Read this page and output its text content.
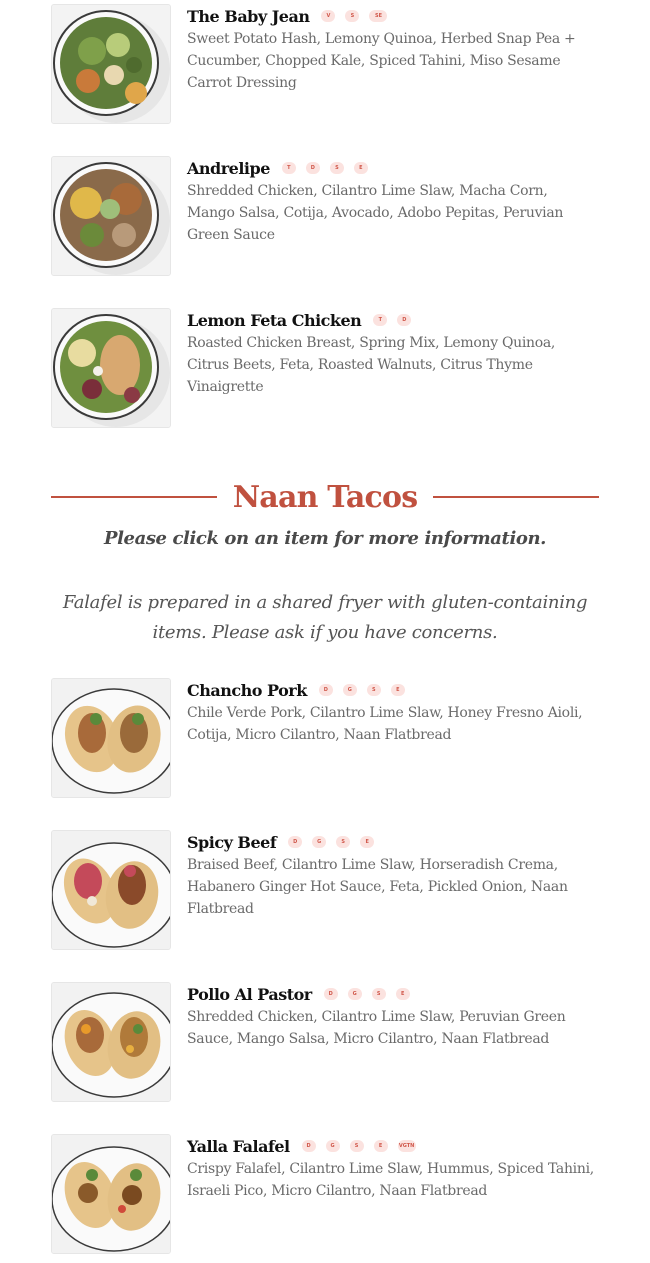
The Baby Jean	V	S	SE
Sweet Potato Hash, Lemony Quinoa, Herbed Snap Pea + Cucumber, Chopped Kale, Spiced Tahini, Miso Sesame Carrot Dressing
Andrelipe	T	D	S	E
Shredded Chicken, Cilantro Lime Slaw, Macha Corn, Mango Salsa, Cotija, Avocado, Adobo Pepitas, Peruvian Green Sauce
Lemon Feta Chicken	T	D
Roasted Chicken Breast, Spring Mix, Lemony Quinoa, Citrus Beets, Feta, Roasted Walnuts, Citrus Thyme Vinaigrette
Naan Tacos
Please click on an item for more information.
Falafel is prepared in a shared fryer with gluten-containing items. Please ask if you have concerns.
Chancho Pork	D	G	S	E
Chile Verde Pork, Cilantro Lime Slaw, Honey Fresno Aioli, Cotija, Micro Cilantro, Naan Flatbread
Spicy Beef	D	G	S	E
Braised Beef, Cilantro Lime Slaw, Horseradish Crema, Habanero Ginger Hot Sauce, Feta, Pickled Onion, Naan Flatbread
Pollo Al Pastor	D	G	S	E
Shredded Chicken, Cilantro Lime Slaw, Peruvian Green Sauce, Mango Salsa, Micro Cilantro, Naan Flatbread
Yalla Falafel	D	G	S	E	VGTN
Crispy Falafel, Cilantro Lime Slaw, Hummus, Spiced Tahini, Israeli Pico, Micro Cilantro, Naan Flatbread
